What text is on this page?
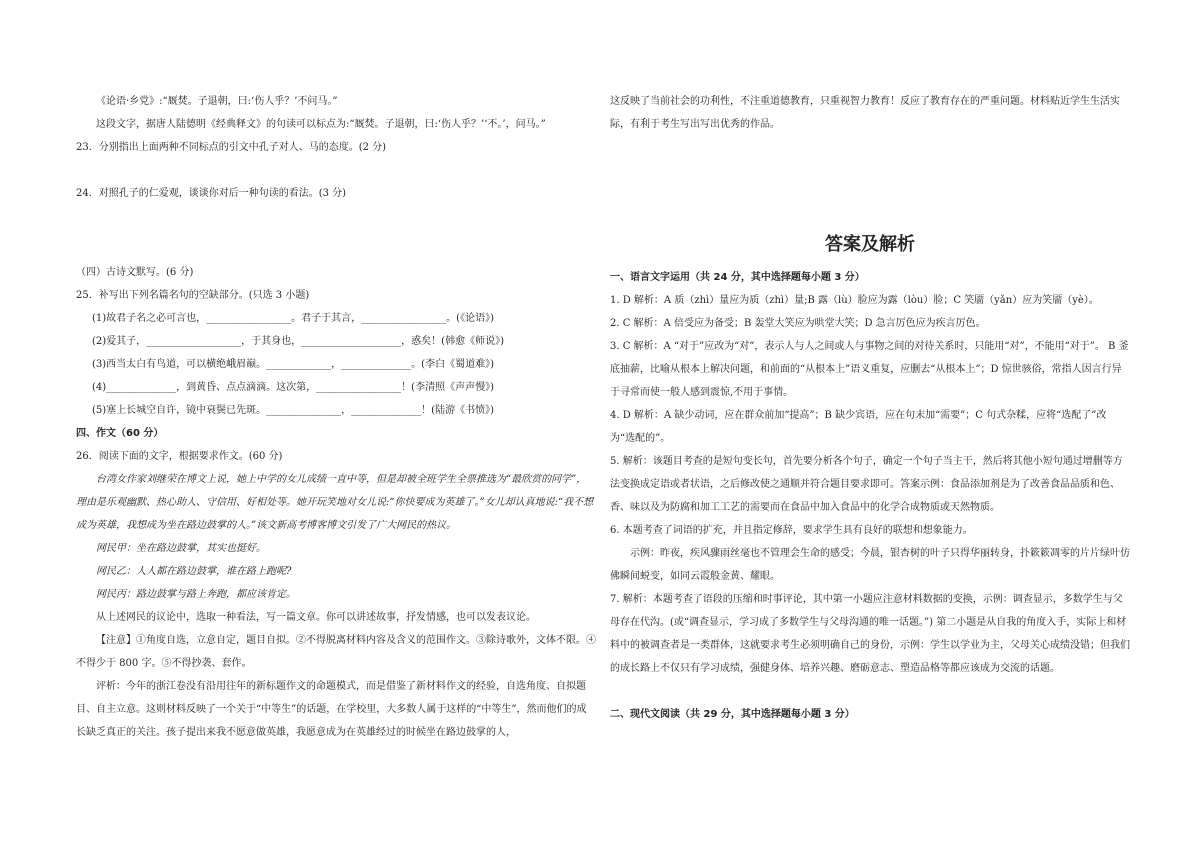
《论语·乡党》:“厩焚。子退朝，曰:‘伤人乎？’不问马。”

这段文字，据唐人陆德明《经典释文》的句读可以标点为:“厩焚。子退朝，曰:‘伤人乎？’‘不。’，问马。”

23．分别指出上面两种不同标点的引文中孔子对人、马的态度。(2 分)

24．对照孔子的仁爱观，谈谈你对后一种句读的看法。(3 分)

（四）古诗文默写。(6 分)

25．补写出下列名篇名句的空缺部分。(只选 3 小题)

(1)故君子名之必可言也，_________________。君子于其言，_________________。(《论语》)

(2)爱其子，___________________，于其身也，____________________，惑矣！(韩愈《师说》)

(3)西当太白有鸟道，可以横绝峨眉巅。_____________，______________。(李白《蜀道难》)

(4)______________，到黄昏、点点滴滴。这次第，_________________！(李清照《声声慢》)

(5)塞上长城空自许，镜中衰鬓已先斑。_______________，______________！(陆游《书愤》)

四、作文（60 分）

26．阅读下面的文字，根据要求作文。(60 分)

台湾女作家刘继荣在博文上说，她上中学的女儿成绩一直中等，但是却被全班学生全票推选为“最欣赏的同学”，理由是乐观幽默、热心助人、守信用、好相处等。她开玩笑地对女儿说:“你快要成为英雄了。”女儿却认真地说:“我不想成为英雄，我想成为坐在路边鼓掌的人。”该文新高考博客博文引发了广大网民的热议。

网民甲：坐在路边鼓掌，其实也挺好。

网民乙：人人都在路边鼓掌，谁在路上跑呢?

网民丙：路边鼓掌与路上奔跑，都应该肯定。

从上述网民的议论中，选取一种看法，写一篇文章。你可以讲述故事，抒发情感，也可以发表议论。

【注意】①角度自选，立意自定，题目自拟。②不得脱离材料内容及含义的范围作文。③除诗歌外，文体不限。④不得少于 800 字。⑤不得抄袭、套作。

评析：今年的浙江卷没有沿用往年的新标题作文的命题模式，而是借鉴了新材料作文的经验，自选角度、自拟题目、自主立意。这则材料反映了一个关于“中等生”的话题，在学校里，大多数人属于这样的“中等生”，然而他们的成长缺乏真正的关注。孩子提出来我不愿意做英雄，我愿意成为在英雄经过的时候坐在路边鼓掌的人，

这反映了当前社会的功利性，不注重道德教育，只重视智力教育！反应了教育存在的严重问题。材料贴近学生生活实际，有利于考生写出写出优秀的作品。

答案及解析

一、语言文字运用（共 24 分，其中选择题每小题 3 分）

1. D 解析：A 质（zhì）量应为质（zhì）量;B 露（lù）脸应为露（lòu）脸；C 笑靥（yǎn）应为笑靥（yè）。

2. C 解析：A 倍受应为备受；B 轰堂大笑应为哄堂大笑；D 急言厉色应为疾言厉色。

3. C 解析：A “对于”应改为“对”，表示人与人之间或人与事物之间的对待关系时，只能用“对”，不能用“对于”。 B 釜底抽薪，比喻从根本上解决问题，和前面的“从根本上”语义重复，应删去“从根本上”；D 惊世骇俗，常指人因言行异于寻常而使一般人感到震惊,不用于事情。

4. D 解析：A 缺少动词，应在群众前加“提高”；B 缺少宾语，应在句末加“需要”；C 句式杂糅，应将“选配了”改为“选配的”。

5. 解析：该题目考查的是短句变长句，首先要分析各个句子，确定一个句子当主干，然后将其他小短句通过增删等方法变换成定语或者状语，之后修改使之通顺并符合题目要求即可。答案示例：食品添加剂是为了改善食品品质和色、香、味以及为防腐和加工工艺的需要而在食品中加入食品中的化学合成物质或天然物质。

6. 本题考查了词语的扩充，并且指定修辞，要求学生具有良好的联想和想象能力。

示例：昨夜，疾风骤雨丝毫也不管理会生命的感受；今晨，银杏树的叶子只得华丽转身，扑簌簌凋零的片片绿叶仿佛瞬间蜕变，如同云霞般金黄、耀眼。

7. 解析：本题考查了语段的压缩和时事评论，其中第一小题应注意材料数据的变换，示例：调查显示，多数学生与父母存在代沟。(或“调查显示，学习成了多数学生与父母沟通的唯一话题。”) 第二小题是从自我的角度入手，实际上和材料中的被调查者是一类群体，这就要求考生必须明确自己的身份，示例：学生以学业为主，父母关心成绩没错；但我们的成长路上不仅只有学习成绩，强健身体、培养兴趣、磨砺意志、塑造品格等都应该成为交流的话题。

二、现代文阅读（共 29 分，其中选择题每小题 3 分）
